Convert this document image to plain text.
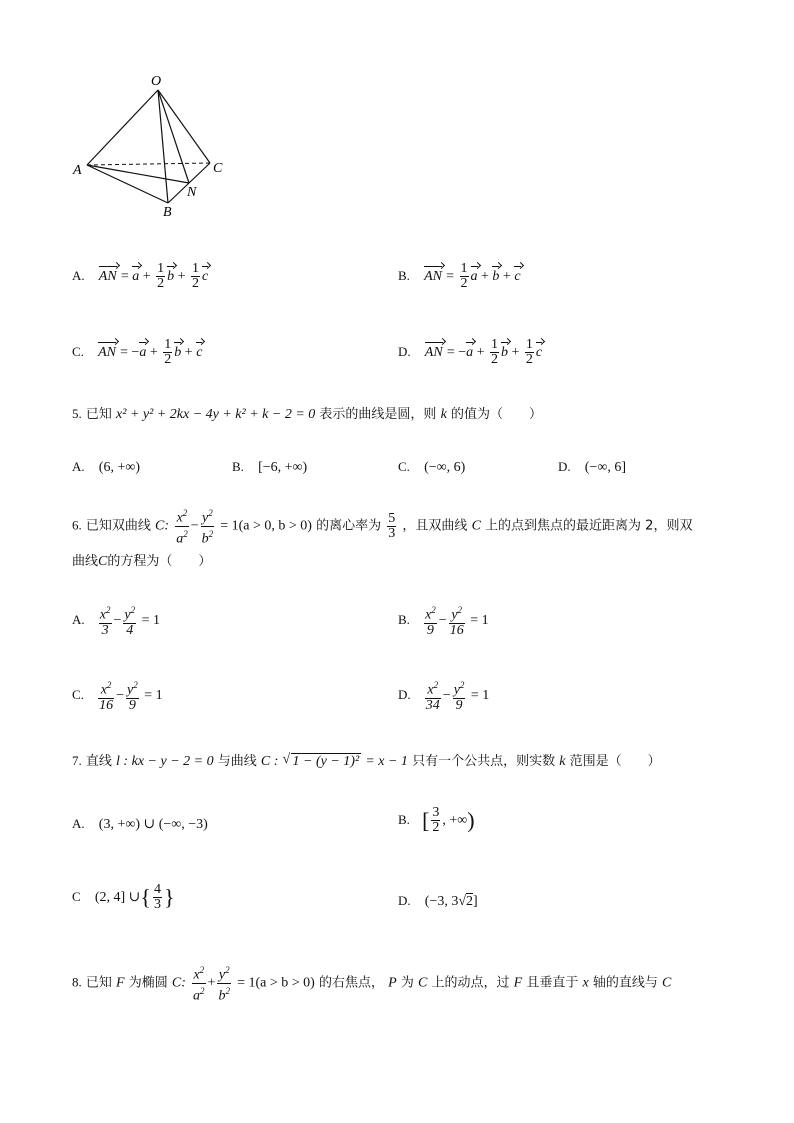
O
A
B
C
N
A. AN = $a + \frac{1}{2}$ $b + \frac{1}{2}$ c	B. AN = $\frac{1}{2}$ a + b + c
C. AN = $-a + \frac{1}{2}$ b + c	D. AN = $-a + \frac{1}{2}$ $b + \frac{1}{2}$ c
5. 已知 x² + y² + 2kx − 4y + k² + k − 2 = 0 表示的曲线是圆，则 k 的值为（　　）
A. (6, +∞)	B. [−6, +∞)	C. (−∞, 6)	D. (−∞, 6]
6. 已知双曲线 C: $\frac{x^2}{a^2} - \frac{y^2}{b^2} = 1(a > 0$, b > 0) 的离心率为 $\frac{5}{3}$ ，且双曲线 C 上的点到焦点的最近距离为 2，则双
曲线C的方程为（　　）
A. $\frac{x^2}{3} - \frac{y^2}{4} = 1$	B. $\frac{x^2}{9} - \frac{y^2}{16} = 1$
C. $\frac{x^2}{16} - \frac{y^2}{9} = 1$	D. $\frac{x^2}{34} - \frac{y^2}{9} = 1$
7. 直线 l : kx − y − 2 = 0 与曲线 C : √ 1 − (y − 1)² = x − 1 只有一个公共点，则实数 k 范围是（　　）
A. (3, +∞) ∪ (−∞, −3)	B. [ $\frac{3}{2}$ , +∞)
C (2, 4] ∪{ $\frac{4}{3}$ }	D. (−3, 3√2]
8. 已知 F 为椭圆 C: $\frac{x^2}{a^2} + \frac{y^2}{b^2} = 1(a > b > 0)$ 的右焦点， P 为 C 上的动点，过 F 且垂直于 x 轴的直线与 C
